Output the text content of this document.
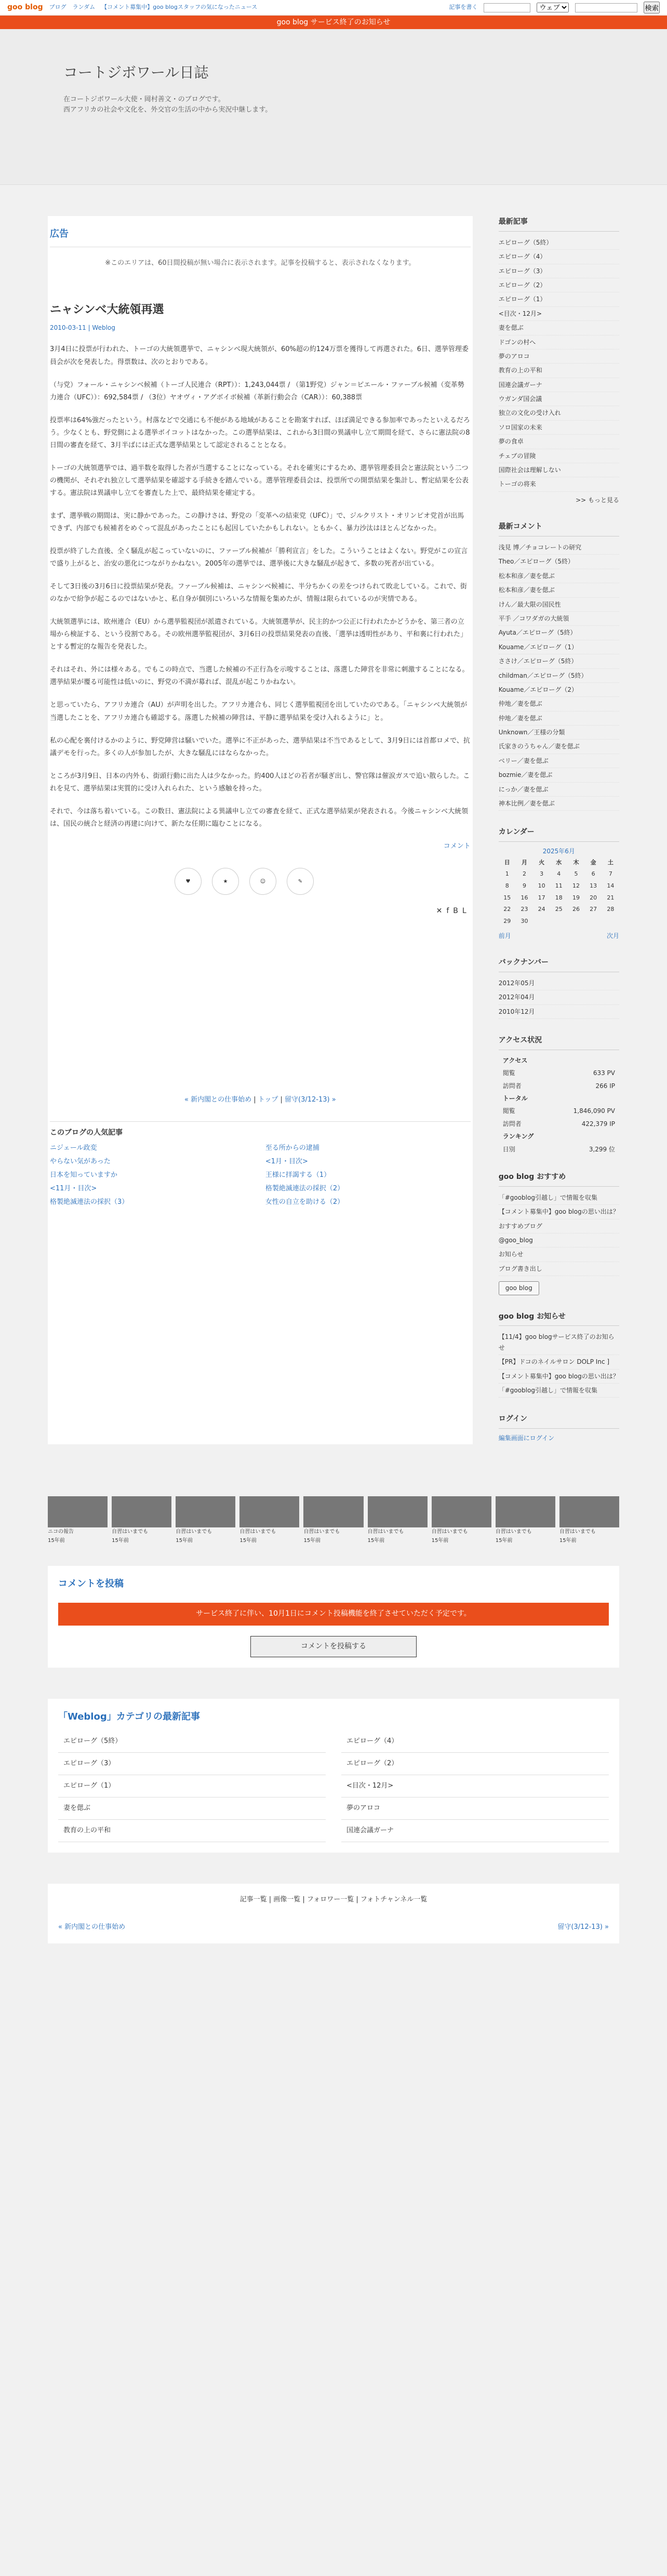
goo blog ブログ ランダム 【コメント募集中】goo blogスタッフの気になったニュース	記事を書く
ウェブ	検索
goo blog サービス終了のお知らせ
コートジボワール日誌

在コートジボワール大使・岡村善文・のブログです。

西アフリカの社会や文化を、外交官の生活の中から実況中継します。

広告
※このエリアは、60日間投稿が無い場合に表示されます。記事を投稿すると、表示されなくなります。
ニャシンべ大統領再選
2010-03-11 | Weblog

3月4日に投票が行われた、トーゴの大統領選挙で、ニャシンベ現大統領が、60%超の約124万票を獲得して再選された。6日、選挙管理委員会が次を発表した。得票数は、次のとおりである。

（与党）フォール・ニャシンベ候補（トーゴ人民連合（RPT））：1,243,044票 / （第1野党）ジャン＝ピエール・ファーブル候補（変革勢力連合（UFC））：692,584票 / （3位）ヤオヴィ・アグボイボ候補（革新行動会合（CAR））：60,388票

投票率は64%強だったという。村落などで交通にも不便がある地域があることを勘案すれば、ほぼ満足できる参加率であったといえるだろう。少なくとも、野党側による選挙ボイコットはなかった。この選挙結果は、これから3日間の異議申し立て期間を経て、さらに憲法院の8日間の審査を経て、3月半ばには正式な選挙結果として認定されることとなる。

トーゴの大統領選挙では、過半数を取得した者が当選することになっている。それを確実にするため、選挙管理委員会と憲法院という二つの機関が、それぞれ独立して選挙結果を確認する手続きを踏んでいる。選挙管理委員会は、投票所での開票結果を集計し、暫定結果を公表する。憲法院は異議申し立てを審査した上で、最終結果を確定する。

まず、選挙戦の期間は、実に静かであった。この静けさは、野党の「変革への結束党（UFC）」で、ジルクリスト・オリンピオ党首が出馬できず、内部でも候補者をめぐって混乱があったことにも起因していたかもしれない。ともかく、暴力沙汰はほとんどなかった。

投票が終了した直後、全く騒乱が起こっていないのに、ファーブル候補が「勝利宣言」をした。こういうことはよくない。野党がこの宣言で盛り上がると、治安の悪化につながりかねない。2005年の選挙では、選挙後に大きな騒乱が起きて、多数の死者が出ている。

そして3日後の3月6日に投票結果が発表。ファーブル候補は、ニャシンベ候補に、半分ちかくの差をつけられて敗北している。これで、街のなかで紛争が起こるのではないかと、私自身が個別にいろいろな情報を集めたが、情報は限られているのが実情である。

大統領選挙には、欧州連合（EU）から選挙監視団が派遣されている。大統領選挙が、民主的かつ公正に行われたかどうかを、第三者の立場から検証する、という役割である。その欧州選挙監視団が、3月6日の投票結果発表の直後、「選挙は透明性があり、平和裏に行われた」とする暫定的な報告を発表した。

それはそれ、外には様々ある。でもこの時点で、当選した候補の不正行為を示唆することは、落選した陣営を非常に刺激することになる。選挙結果が覆る可能性は低いのに、野党の不満が募れば、混乱が起こりかねない。

と思っていたら、アフリカ連合（AU）が声明を出した。アフリカ連合も、同じく選挙監視団を出していたのである。「ニャシンベ大統領が当選したことを、アフリカ連合も確認する。落選した候補の陣営は、平静に選挙結果を受け入れるように」と。

私の心配を裏付けるかのように、野党陣営は騒いでいた。選挙に不正があった、選挙結果は不当であるとして、3月9日には首都ロメで、抗議デモを行った。多くの人が参加したが、大きな騒乱にはならなかった。

ところが3月9日、日本の内外も、街頭行動に出た人は少なかった。約400人ほどの若者が騒ぎ出し、警官隊は催涙ガスで追い散らした。これを見て、選挙結果は実質的に受け入れられた、という感触を持った。

それで、今は落ち着いている。この数日、憲法院による異議申し立ての審査を経て、正式な選挙結果が発表される。今後ニャシンベ大統領は、国民の統合と経済の再建に向けて、新たな任期に臨むことになる。

コメント
♥	★	☺	✎
✕fBL
« 新内閣との仕事始め | トップ | 留守(3/12-13) »
このブログの人気記事
ニジェール政変	至る所からの逮捕
やらない気があった	<1月・目次>
日本を知っていますか	王様に拝謁する（1）
<11月・目次>	格製絶滅連法の採択（2）
格製絶滅連法の採択（3）	女性の自立を助ける（2）
最新記事
エピローグ（5終）
エピローグ（4）
エピローグ（3）
エピローグ（2）
エピローグ（1）
<目次・12月>
妻を偲ぶ
ドゴンの村へ
夢のアロコ
教育の上の平和
国連会議ガーナ
ウガンダ国会議
独立の文化の受け入れ
ソロ国家の未来
夢の食卓
チェブの冒険
国際社会は理解しない
トーゴの将来
>> もっと見る
最新コメント
浅見 博／チョコレートの研究
Theo／エピローグ（5終）
松本和彦／妻を偲ぶ
松本和彦／妻を偲ぶ
けん／最大限の国民性
平手 ／コワダガの大統領
Ayuta／エピローグ（5終）
Kouame／エピローグ（1）
ささけ／エピローグ（5終）
childman／エピローグ（5終）
Kouame／エピローグ（2）
仲地／妻を偲ぶ
仲地／妻を偲ぶ
Unknown／王様の分類
氏家きのうちゃん／妻を偲ぶ
ベリー／妻を偲ぶ
bozmie／妻を偲ぶ
にっか／妻を偲ぶ
神本比例／妻を偲ぶ
カレンダー
2025年6月
日	月	火	水	木	金	土
1	2	3	4	5	6	7
8	9	10	11	12	13	14
15	16	17	18	19	20	21
22	23	24	25	26	27	28
29	30					
前月	次月
バックナンバー
2012年05月
2012年04月
2010年12月
アクセス状況
アクセス
閲覧	633 PV
訪問者	266 IP
トータル
閲覧	1,846,090 PV
訪問者	422,379 IP
ランキング
日別	3,299 位
goo blog おすすめ
「#gooblog引越し」で情報を収集
【コメント募集中】goo blogの思い出は？
おすすめブログ
@goo_blog
お知らせ
ブログ書き出し
goo blog
goo blog お知らせ
【11/4】goo blogサービス終了のお知らせ
【PR】ドコのネイルサロン DOLP Inc ]
【コメント募集中】goo blogの思い出は？
「#gooblog引越し」で情報を収集
ログイン
編集画面にログイン
ニコの報告
15年前
自習はいまでも
15年前
自習はいまでも
15年前
自習はいまでも
15年前
自習はいまでも
15年前
自習はいまでも
15年前
自習はいまでも
15年前
自習はいまでも
15年前
自習はいまでも
15年前
コメントを投稿
サービス終了に伴い、10月1日にコメント投稿機能を終了させていただく予定です。
コメントを投稿する
「Weblog」カテゴリの最新記事
エピローグ（5終）	エピローグ（4）
エピローグ（3）	エピローグ（2）
エピローグ（1）	<目次・12月>
妻を偲ぶ	夢のアロコ
教育の上の平和	国連会議ガーナ
記事一覧 | 画像一覧 | フォロワー一覧 | フォトチャンネル一覧
« 新内閣との仕事始め	留守(3/12-13) »
